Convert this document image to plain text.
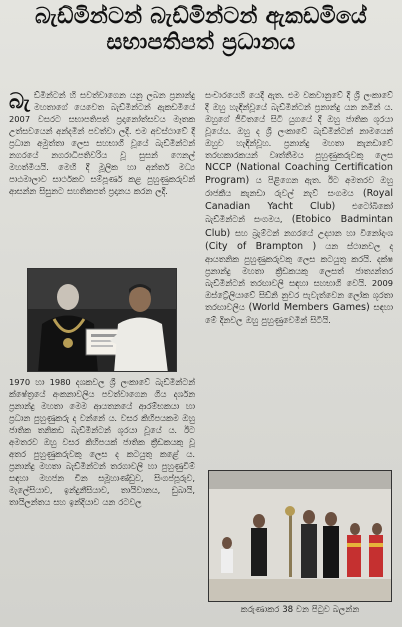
බැඩ්මින්ටන් බැඩ්මින්ටන් ඇකඩමියේ
සභාපතිපත් ප්‍රධානය

බැ ඩ්මින්ටන් හි සවත්වාගෙන යනු ලබන ප්‍රනාන්දු මහතාගේ යෙවෙත බැඩ්මින්ටන් ඇකඩමියේ 2007 වසරට සභාපතිපත් ප්‍රදානෝත්සවය මෑතක උත්සවයෙන් අන්දමින් පවත්වා ලදී. එම අවස්ථාවේ දී ප්‍රධාන අමුත්තා ලෙස සහභාගී වූයේ බැඩ්මින්ටන් නගරයේ නගරාධිපතිවරිය වූ සුසන් ෆෙනල් මහත්මියයි. මෙහි දී මූලික හා අන්තර් මධ්‍ය පාඨමාලාව සාර්ථකව සම්පූර්ණ කළ පුහුණුකරුවන් ආසන්න සිසුනට සහතිකපත් ප්‍රදානය කරන ලදී.

1970 හා 1980 දශකවල ශ්‍රී ලංකාවේ බැඩ්මින්ටන් ක්ෂේත්‍රයේ අංකනාවලිය පවත්වාගෙන ගිය දර්ශන ප්‍රනාන්දු මහතා මෙම ආයතනයේ ආරම්භකයා හා ප්‍රධාන පුහුණුකරු ද වන්නේ ය. වසර කිහිපයකම ඔහු ජාතික තනිකඩ බැඩ්මින්ටන් ශූරයා වූයේ ය. ඊට අමතරව ඔහු වසර කිහිපයක් ජාතික ක්‍රීඩකයකු වූ අතර පුහුණුකරුවකු ලෙස ද කටයුතු කළේ ය. ප්‍රනාන්දු මහතා බැඩ්මින්ටන් තරගාවලි හා පුහුණුවීම් සඳහා මහජන චීන සමූහාණ්ඩුව, සිංගප්පූරුව, මැලේසියාව, ඉන්දුනීසියාව, තායිවානය, ඩුබායි, තායිලන්තය සහ ඉන්දියාව යන රටවල

සංචාරයෙහි යෙදී ඇත. එම වකවානුවේ දී ශ්‍රී ලංකාවේ දී ඔහු හැඳින්වූයේ බැඩ්මින්ටන් ප්‍රනාන්දු යන නමින් ය. ඔහුගේ ජීවිතයේ සිටි යුගයේ දී ඔහු ජාතික ශූරයා වූයේය. ඔහු ද ශ්‍රී ලංකාවේ බැඩ්මින්ටන් නාමයෙන් ඔහුව හැඳින්වූහ. ප්‍රනාන්දු මහතා කැනඩාවේ තරඟකාරකයන් වෘත්තීමය පුහුණුකරුවකු ලෙස NCCP (National Coaching Certification Program) ය පිළිගෙන ඇත. ඊට අමතරව ඔහු රාජකීය කැනඩා රුවල් නැව් සංගමය (Royal Canadian Yacht Club) එටෝබිකෝ බැඩ්මින්ටන් සංගමය, (Etobico Badmintan Club) සහ බ්‍රැම්ටන් නගරයේ උද්‍යාන හා විනෝදාංශ (City of Brampton ) යන ස්ථානවල ද ආයතනික පුහුණුකරුවකු ලෙස කටයුතු කරයි. දක්ෂ ප්‍රනාන්දු මහතා ක්‍රීඩකයකු ලෙසත් ජාත්‍යන්තර බැඩ්මින්ටන් තරඟාවලි සඳහා සහභාගි වෙයි. 2009 ඔස්ට්‍රේලියාවේ සිඩ්නි නුවර පැවැත්වෙන ලෝක ශූරතා තරඟාවලිය (World Members Games) සඳහා මේ දිනවල ඔහු පුහුණුවෙමින් සිටියි.

කරුණාකර 38 වන පිටුව බලන්න
